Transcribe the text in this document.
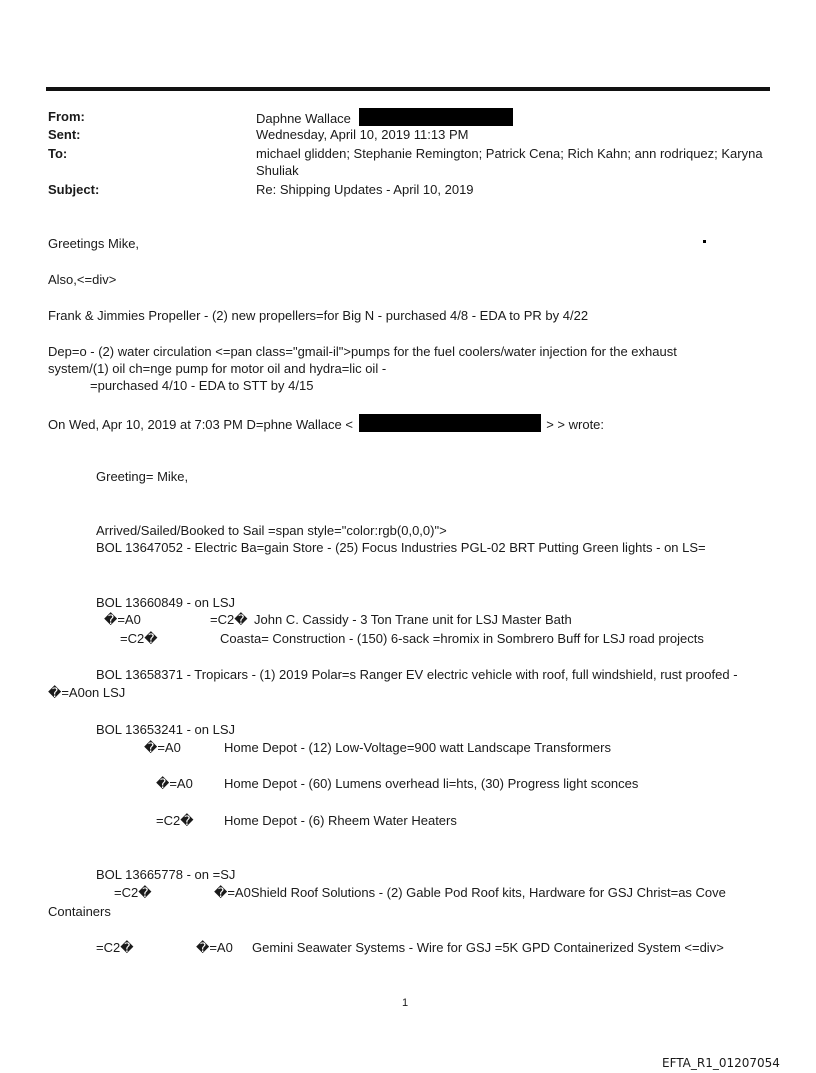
From:	Daphne Wallace
Sent:	Wednesday, April 10, 2019 11:13 PM
To:	michael glidden; Stephanie Remington; Patrick Cena; Rich Kahn; ann rodriquez; Karyna
Shuliak
Subject:	Re: Shipping Updates - April 10, 2019
Greetings Mike,
Also,<=div>
Frank & Jimmies Propeller - (2) new propellers=for Big N - purchased 4/8 - EDA to PR by 4/22
Dep=o - (2) water circulation <=pan class="gmail-il">pumps for the fuel coolers/water injection for the exhaust
system/(1) oil ch=nge pump for motor oil and hydra=lic oil -
=purchased 4/10 - EDA to STT by 4/15
On Wed, Apr 10, 2019 at 7:03 PM D=phne Wallace <	> > wrote:
Greeting= Mike,
Arrived/Sailed/Booked to Sail =span style="color:rgb(0,0,0)">
BOL 13647052 - Electric Ba=gain Store - (25) Focus Industries PGL-02 BRT Putting Green lights - on LS=
BOL 13660849 - on LSJ
�=A0	=C2� John C. Cassidy - 3 Ton Trane unit for LSJ Master Bath
=C2�	Coasta= Construction - (150) 6-sack =hromix in Sombrero Buff for LSJ road projects
BOL 13658371 - Tropicars - (1) 2019 Polar=s Ranger EV electric vehicle with roof, full windshield, rust proofed -
�=A0on LSJ
BOL 13653241 - on LSJ
�=A0	Home Depot - (12) Low-Voltage=900 watt Landscape Transformers
�=A0 Home Depot - (60) Lumens overhead li=hts, (30) Progress light sconces
=C2� Home Depot - (6) Rheem Water Heaters
BOL 13665778 - on =SJ
=C2�	�=A0Shield Roof Solutions - (2) Gable Pod Roof kits, Hardware for GSJ Christ=as Cove
Containers
=C2�	�=A0 Gemini Seawater Systems - Wire for GSJ =5K GPD Containerized System <=div>
1
EFTA_R1_01207054
